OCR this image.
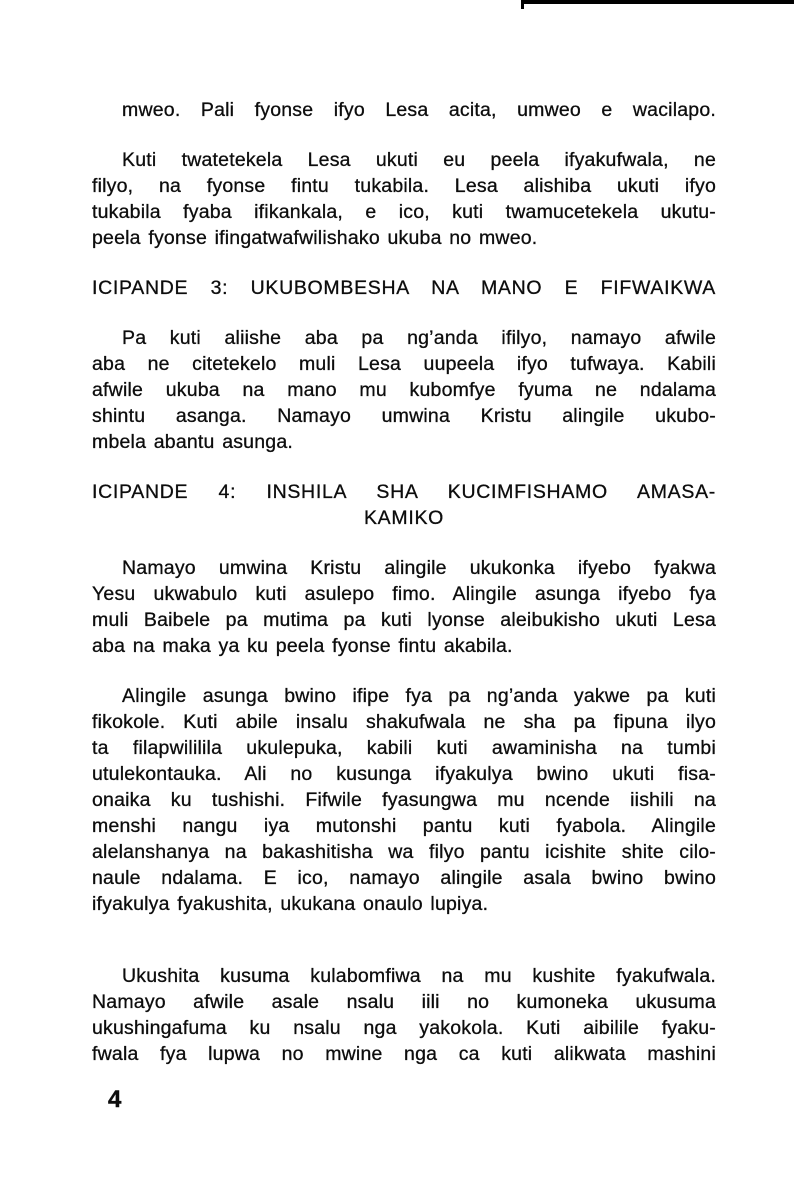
mweo. Pali fyonse ifyo Lesa acita, umweo e wacilapo.
Kuti twatetekela Lesa ukuti eu peela ifyakufwala, ne
filyo, na fyonse fintu tukabila. Lesa alishiba ukuti ifyo
tukabila fyaba ifikankala, e ico, kuti twamucetekela ukutu-
peela fyonse ifingatwafwilishako ukuba no mweo.
ICIPANDE 3: UKUBOMBESHA NA MANO E FIFWAIKWA
Pa kuti aliishe aba pa ng’anda ifilyo, namayo afwile
aba ne citetekelo muli Lesa uupeela ifyo tufwaya. Kabili
afwile ukuba na mano mu kubomfye fyuma ne ndalama
shintu asanga. Namayo umwina Kristu alingile ukubo-
mbela abantu asunga.
ICIPANDE 4: INSHILA SHA KUCIMFISHAMO AMASA-
KAMIKO
Namayo umwina Kristu alingile ukukonka ifyebo fyakwa
Yesu ukwabulo kuti asulepo fimo. Alingile asunga ifyebo fya
muli Baibele pa mutima pa kuti lyonse aleibukisho ukuti Lesa
aba na maka ya ku peela fyonse fintu akabila.
Alingile asunga bwino ifipe fya pa ng’anda yakwe pa kuti
fikokole. Kuti abile insalu shakufwala ne sha pa fipuna ilyo
ta filapwililila ukulepuka, kabili kuti awaminisha na tumbi
utulekontauka. Ali no kusunga ifyakulya bwino ukuti fisa-
onaika ku tushishi. Fifwile fyasungwa mu ncende iishili na
menshi nangu iya mutonshi pantu kuti fyabola. Alingile
alelanshanya na bakashitisha wa filyo pantu icishite shite cilo-
naule ndalama. E ico, namayo alingile asala bwino bwino
ifyakulya fyakushita, ukukana onaulo lupiya.
Ukushita kusuma kulabomfiwa na mu kushite fyakufwala.
Namayo afwile asale nsalu iili no kumoneka ukusuma
ukushingafuma ku nsalu nga yakokola. Kuti aibilile fyaku-
fwala fya lupwa no mwine nga ca kuti alikwata mashini
4
